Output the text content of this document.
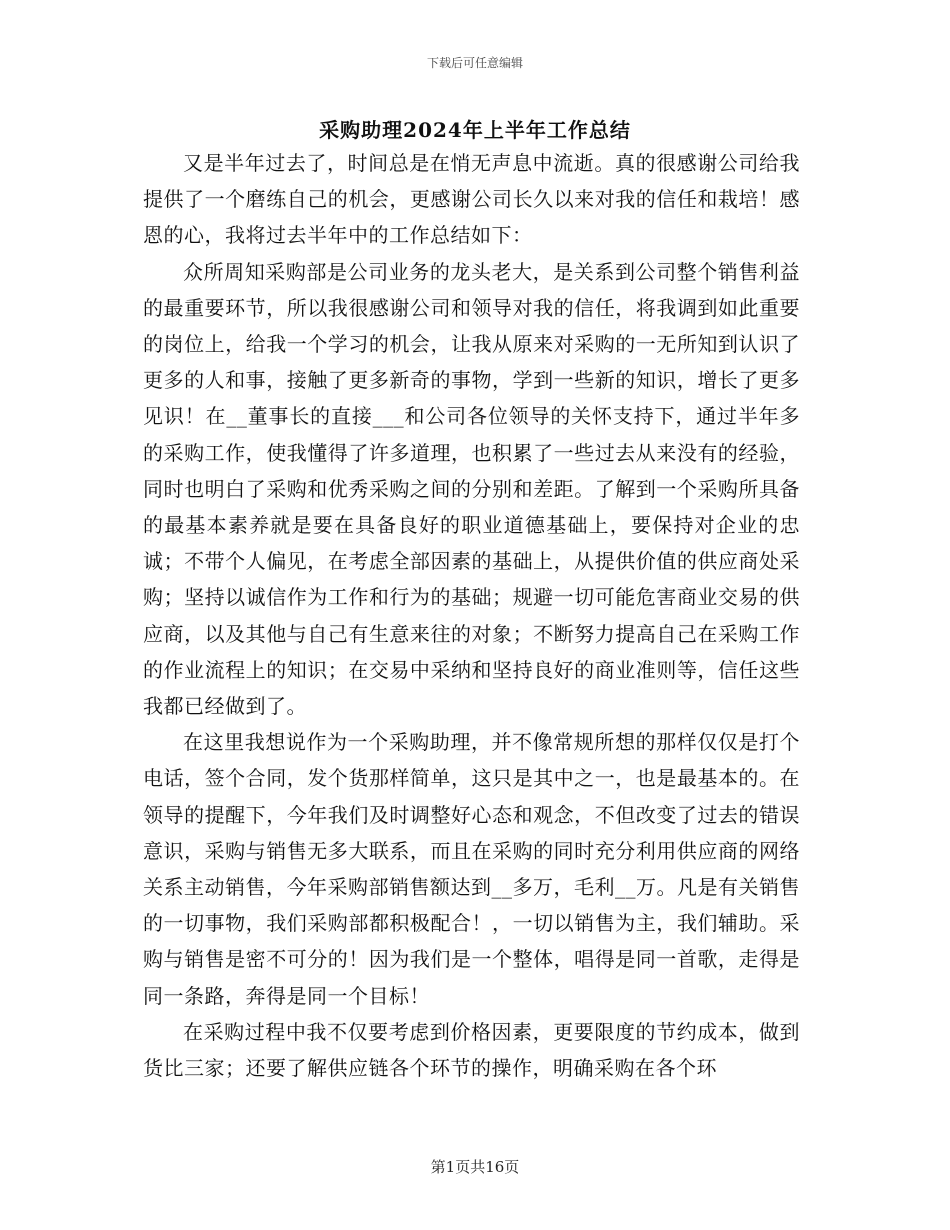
下载后可任意编辑
采购助理2024年上半年工作总结

又是半年过去了，时间总是在悄无声息中流逝。真的很感谢公司给我提供了一个磨练自己的机会，更感谢公司长久以来对我的信任和栽培！感恩的心，我将过去半年中的工作总结如下：

众所周知采购部是公司业务的龙头老大，是关系到公司整个销售利益的最重要环节，所以我很感谢公司和领导对我的信任，将我调到如此重要的岗位上，给我一个学习的机会，让我从原来对采购的一无所知到认识了更多的人和事，接触了更多新奇的事物，学到一些新的知识，增长了更多见识！在__董事长的直接___和公司各位领导的关怀支持下，通过半年多的采购工作，使我懂得了许多道理，也积累了一些过去从来没有的经验，同时也明白了采购和优秀采购之间的分别和差距。了解到一个采购所具备的最基本素养就是要在具备良好的职业道德基础上，要保持对企业的忠诚；不带个人偏见，在考虑全部因素的基础上，从提供价值的供应商处采购；坚持以诚信作为工作和行为的基础；规避一切可能危害商业交易的供应商，以及其他与自己有生意来往的对象；不断努力提高自己在采购工作的作业流程上的知识；在交易中采纳和坚持良好的商业准则等，信任这些我都已经做到了。

在这里我想说作为一个采购助理，并不像常规所想的那样仅仅是打个电话，签个合同，发个货那样简单，这只是其中之一，也是最基本的。在领导的提醒下，今年我们及时调整好心态和观念，不但改变了过去的错误意识，采购与销售无多大联系，而且在采购的同时充分利用供应商的网络关系主动销售，今年采购部销售额达到__多万，毛利__万。凡是有关销售的一切事物，我们采购部都积极配合！，一切以销售为主，我们辅助。采购与销售是密不可分的！因为我们是一个整体，唱得是同一首歌，走得是同一条路，奔得是同一个目标！

在采购过程中我不仅要考虑到价格因素，更要限度的节约成本，做到货比三家；还要了解供应链各个环节的操作，明确采购在各个环

第1页共16页
